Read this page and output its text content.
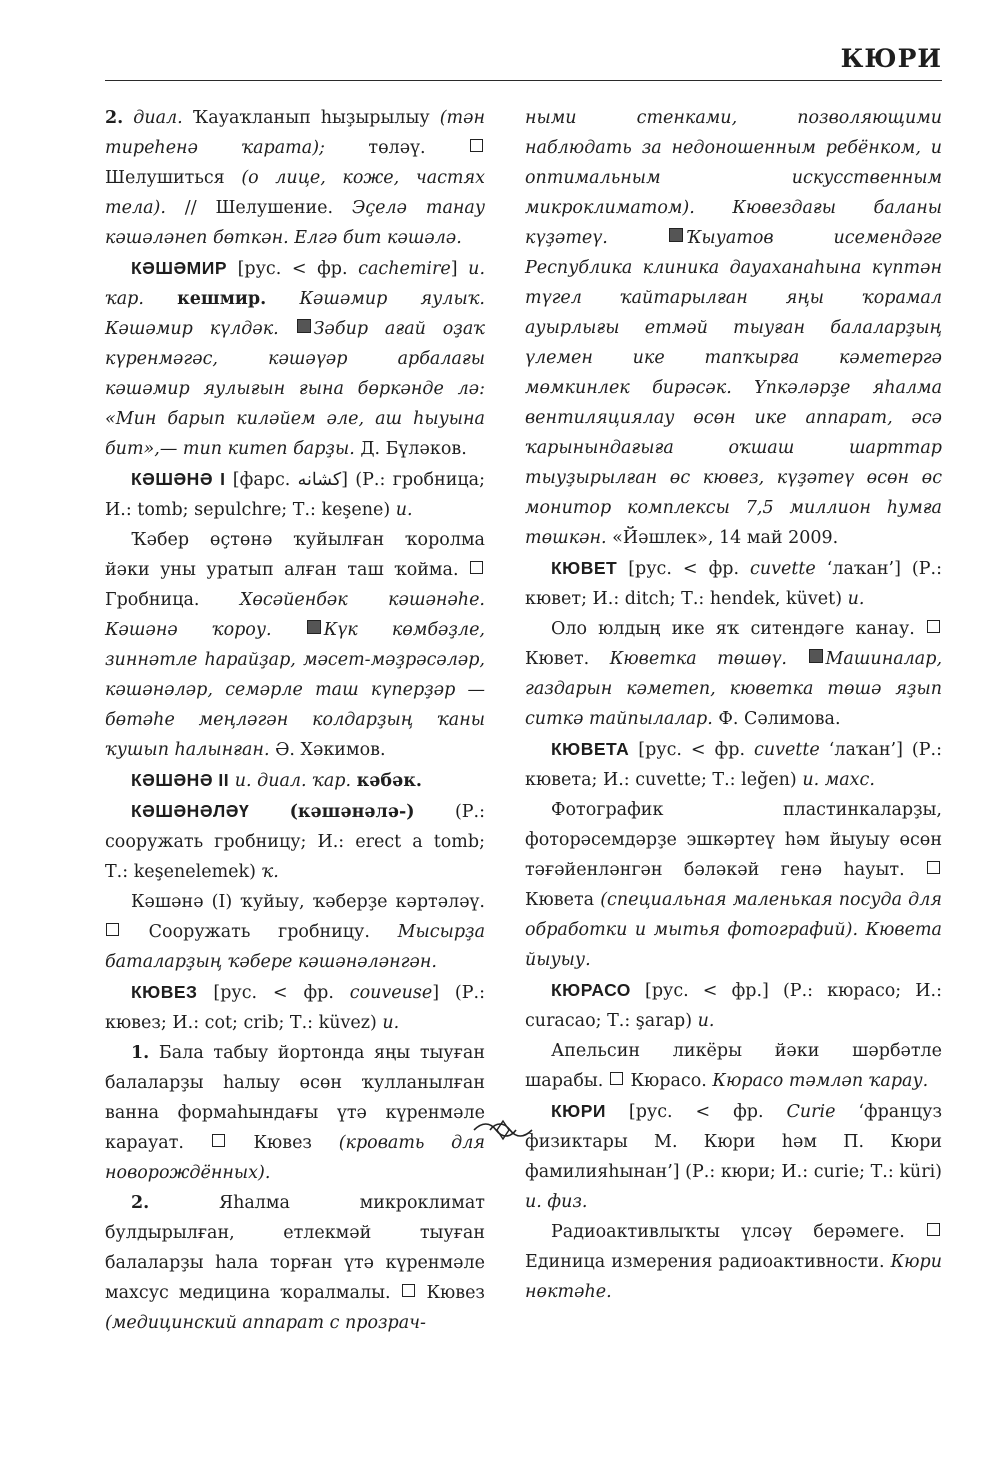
КЮРИ

2. диал. Ҡауаҡланып һыҙырылыу (тән тиреһенә ҡарата); төләү.  Шелушиться (о лице, коже, частях тела). // Шелушение. Эҫелә танау кәшәләнеп бөткән. Елгә бит кәшәлә.

КӘШӘМИР [рус. < фр. cachemire] и. ҡар. кешмир. Кәшәмир яулыҡ. Кәшәмир күлдәк. Зәбир ағай оҙаҡ күренмәгәс, кәшәүәр арбалағы кәшәмир яулығын ғына бөркәнде лә: «Мин барып килəйем әле, аш һыуына бит»,— тип китеп барҙы. Д. Бүләков.

КӘШӘНӘ I [фарс. کشانه] (Р.: гробница; И.: tomb; sepulchre; Т.: keşene) и.

Ҡәбер өҫтөнә ҡуйылған ҡоролма йәки уны уратып алған таш ҡойма.  Гробница. Хөсәйенбәк кәшәнәһе. Кәшәнә ҡороу.	Күк көмбәҙле, зиннәтле һарайҙар, мәсет-мәҙрәсәләр, кәшәнәләр, семәрле таш күперҙәр — бөтәһе меңләгән колдарҙың ҡаны ҡушып һалынған. Ә. Хәкимов.

КӘШӘНӘ II и. диал. ҡар. кәбәк.

КӘШӘНӘЛӘҮ (кәшәнәлә-) (Р.: сооружать гробницу; И.: erect a tomb; Т.: keşenelemek) ҡ.

Кәшәнә (I) ҡуйыу, ҡәберҙе кәртәләү.  Сооружать гробницу. Мысырҙа баталарҙың ҡәбере кәшәнәләнгән.

КЮВЕЗ [рус. < фр. couveuse] (Р.: кювез; И.: cot; crib; Т.: küvez) и.

1. Бала табыу йортонда яңы тыуған балаларҙы һалыу өсөн ҡулланылған ванна формаһындағы үтә күренмәле карауат.  Кювез (кровать для новорождённых).

2. Яһалма микроклимат булдырылған, етлекмәй тыуған балаларҙы һала торған үтә күренмәле махсус медицина ҡоралмалы.  Кювез (медицинский аппарат с прозрач-

ными стенками, позволяющими наблюдать за недоношенным ребёнком, и оптимальным искусственным микроклиматом). Кювездағы баланы күҙәтеү.	Ҡыуатов исемендәге Республика клиника дауаханаһына күптән түгел ҡайтарылған яңы ҡорамал ауырлығы етмәй тыуған балаларҙың үлемен ике тапҡырға кәметергә мөмкинлек бирәсәк. Үпкәләрҙе яһалма вентиляциялау өсөн ике аппарат, әсә ҡарынындағыға оҡшаш шарттар тыуҙырылған өс кювез, күҙәтеү өсөн өс монитор комплексы 7,5 миллион һумға төшкән. «Йәшлек», 14 май 2009.

КЮВЕТ [рус. < фр. cuvette ‘лаҡан’] (Р.: кювет; И.: ditch; Т.: hendek, küvet) и.

Оло юлдың ике яҡ ситендәге канау.  Кювет. Кюветка төшөү. Машиналар, газдарын кәметеп, кюветка төшә яҙып ситкә тайпылалар. Ф. Сәлимова.

КЮВЕТА [рус. < фр. cuvette ‘лаҡан’] (Р.: кювета; И.: cuvette; Т.: leğen) и. махс.

Фотографик пластинкаларҙы, фоторәсемдәрҙе эшкәртеү һәм йыуыу өсөн тәғәйенләнгән бәләкәй генә һауыт.  Кювета (специальная маленькая посуда для обработки и мытья фотографий). Кювета йыуыу.

КЮРАСО [рус. < фр.] (Р.: кюрасо; И.: curacao; Т.: şarap) и.

Апельсин ликёры йәки шәрбәтле шарабы.  Кюрасо. Кюрасо тәмләп ҡарау.

КЮРИ [рус. < фр. Curie ‘француз физиктары М. Кюри һәм П. Кюри фамилияһынан’] (Р.: кюри; И.: curie; Т.: küri) и. физ.

Радиоактивлыҡты үлсәү берәмеге.  Единица измерения радиоактивности. Кюри нөктәһе.
